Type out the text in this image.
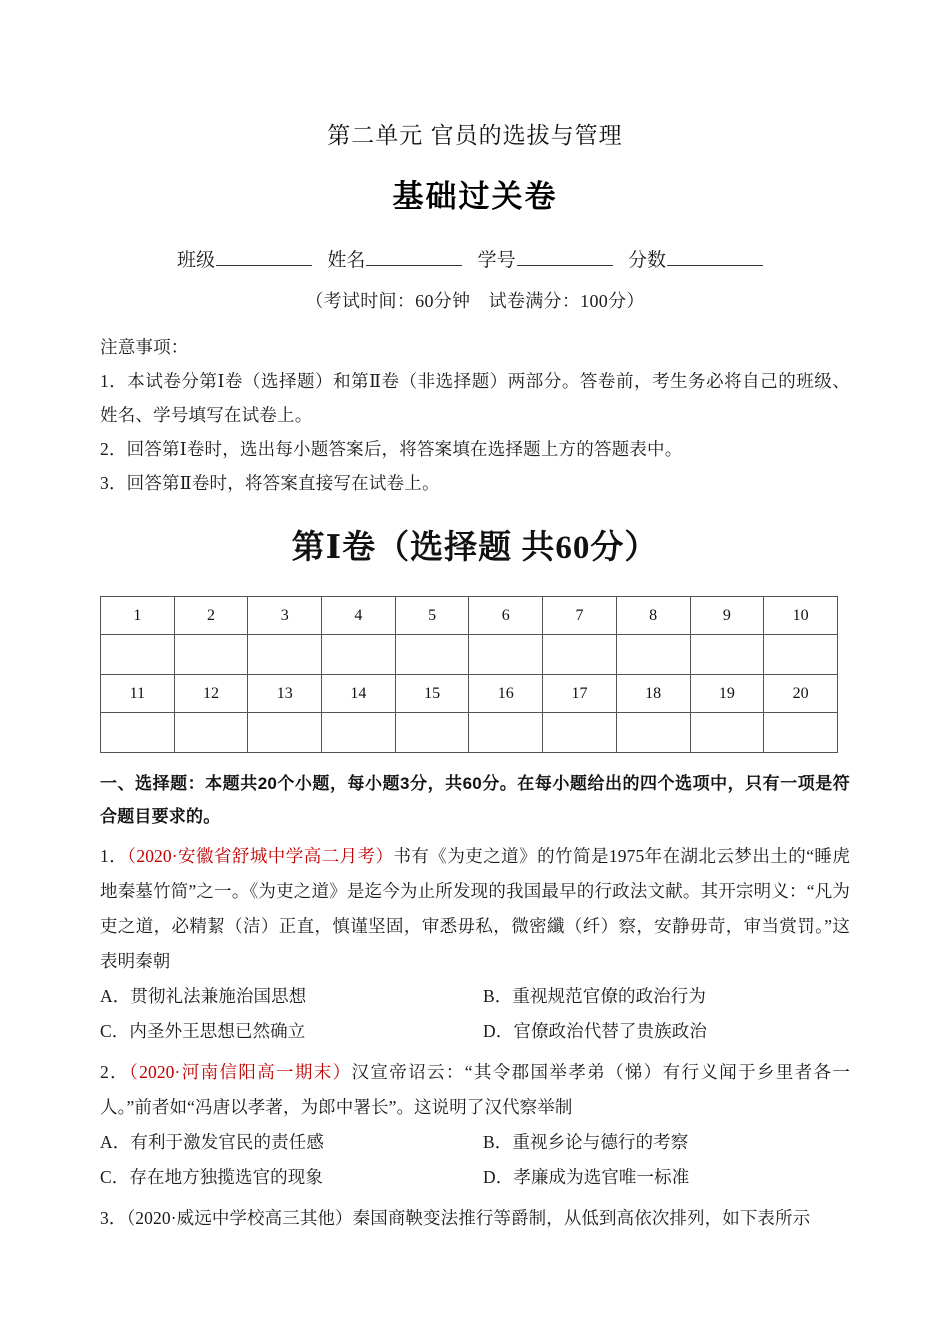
第二单元 官员的选拔与管理
基础过关卷
班级	姓名	学号	分数

（考试时间：60分钟　试卷满分：100分）

注意事项：

1．本试卷分第Ⅰ卷（选择题）和第Ⅱ卷（非选择题）两部分。答卷前，考生务必将自己的班级、姓名、学号填写在试卷上。

2．回答第Ⅰ卷时，选出每小题答案后，将答案填在选择题上方的答题表中。

3．回答第Ⅱ卷时，将答案直接写在试卷上。

第Ⅰ卷（选择题 共60分）
1	2	3	4	5	6	7	8	9	10

11	12	13	14	15	16	17	18	19	20

一、选择题：本题共20个小题，每小题3分，共60分。在每小题给出的四个选项中，只有一项是符合题目要求的。

1．（2020·安徽省舒城中学高二月考）书有《为吏之道》的竹简是1975年在湖北云梦出土的“睡虎地秦墓竹简”之一。《为吏之道》是迄今为止所发现的我国最早的行政法文献。其开宗明义：“凡为吏之道，必精絜（洁）正直，慎谨坚固，审悉毋私，微密纖（纤）察，安静毋苛，审当赏罚。”这表明秦朝

A．贯彻礼法兼施治国思想	B．重视规范官僚的政治行为
C．内圣外王思想已然确立	D．官僚政治代替了贵族政治

2．（2020·河南信阳高一期末）汉宣帝诏云：“其令郡国举孝弟（悌）有行义闻于乡里者各一人。”前者如“冯唐以孝著，为郎中署长”。这说明了汉代察举制

A．有利于激发官民的责任感	B．重视乡论与德行的考察
C．存在地方独揽选官的现象	D．孝廉成为选官唯一标准

3．（2020·威远中学校高三其他）秦国商鞅变法推行等爵制，从低到高依次排列，如下表所示
